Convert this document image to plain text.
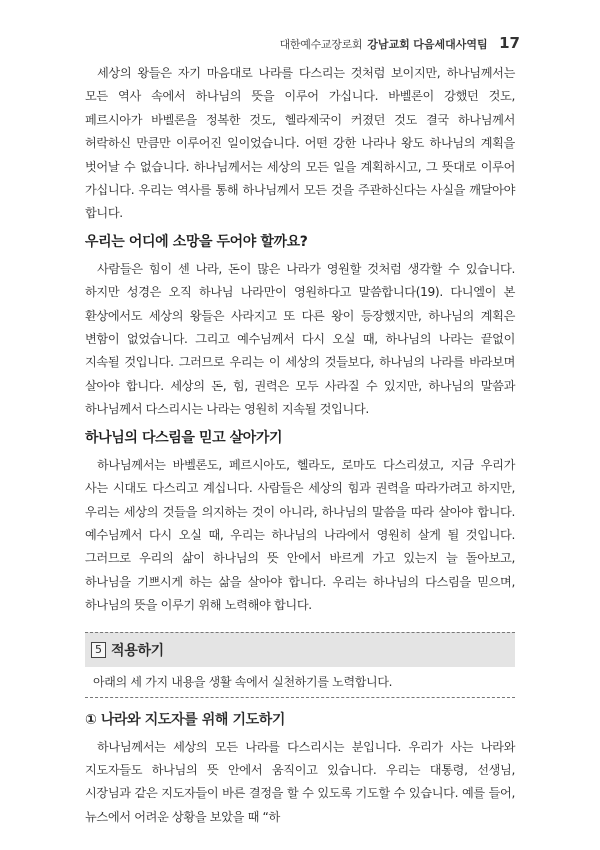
대한예수교장로회 강남교회 다음세대사역팀 17

세상의 왕들은 자기 마음대로 나라를 다스리는 것처럼 보이지만, 하나님께서는 모든 역사 속에서 하나님의 뜻을 이루어 가십니다. 바벨론이 강했던 것도, 페르시아가 바벨론을 정복한 것도, 헬라제국이 커졌던 것도 결국 하나님께서 허락하신 만큼만 이루어진 일이었습니다. 어떤 강한 나라나 왕도 하나님의 계획을 벗어날 수 없습니다. 하나님께서는 세상의 모든 일을 계획하시고, 그 뜻대로 이루어 가십니다. 우리는 역사를 통해 하나님께서 모든 것을 주관하신다는 사실을 깨달아야 합니다.

우리는 어디에 소망을 두어야 할까요?

사람들은 힘이 센 나라, 돈이 많은 나라가 영원할 것처럼 생각할 수 있습니다. 하지만 성경은 오직 하나님 나라만이 영원하다고 말씀합니다(19). 다니엘이 본 환상에서도 세상의 왕들은 사라지고 또 다른 왕이 등장했지만, 하나님의 계획은 변함이 없었습니다. 그리고 예수님께서 다시 오실 때, 하나님의 나라는 끝없이 지속될 것입니다. 그러므로 우리는 이 세상의 것들보다, 하나님의 나라를 바라보며 살아야 합니다. 세상의 돈, 힘, 권력은 모두 사라질 수 있지만, 하나님의 말씀과 하나님께서 다스리시는 나라는 영원히 지속될 것입니다.

하나님의 다스림을 믿고 살아가기

하나님께서는 바벨론도, 페르시아도, 헬라도, 로마도 다스리셨고, 지금 우리가 사는 시대도 다스리고 계십니다. 사람들은 세상의 힘과 권력을 따라가려고 하지만, 우리는 세상의 것들을 의지하는 것이 아니라, 하나님의 말씀을 따라 살아야 합니다. 예수님께서 다시 오실 때, 우리는 하나님의 나라에서 영원히 살게 될 것입니다. 그러므로 우리의 삶이 하나님의 뜻 안에서 바르게 가고 있는지 늘 돌아보고, 하나님을 기쁘시게 하는 삶을 살아야 합니다. 우리는 하나님의 다스림을 믿으며, 하나님의 뜻을 이루기 위해 노력해야 합니다.

5 적용하기
아래의 세 가지 내용을 생활 속에서 실천하기를 노력합니다.
① 나라와 지도자를 위해 기도하기

하나님께서는 세상의 모든 나라를 다스리시는 분입니다. 우리가 사는 나라와 지도자들도 하나님의 뜻 안에서 움직이고 있습니다. 우리는 대통령, 선생님, 시장님과 같은 지도자들이 바른 결정을 할 수 있도록 기도할 수 있습니다. 예를 들어, 뉴스에서 어려운 상황을 보았을 때 “하
